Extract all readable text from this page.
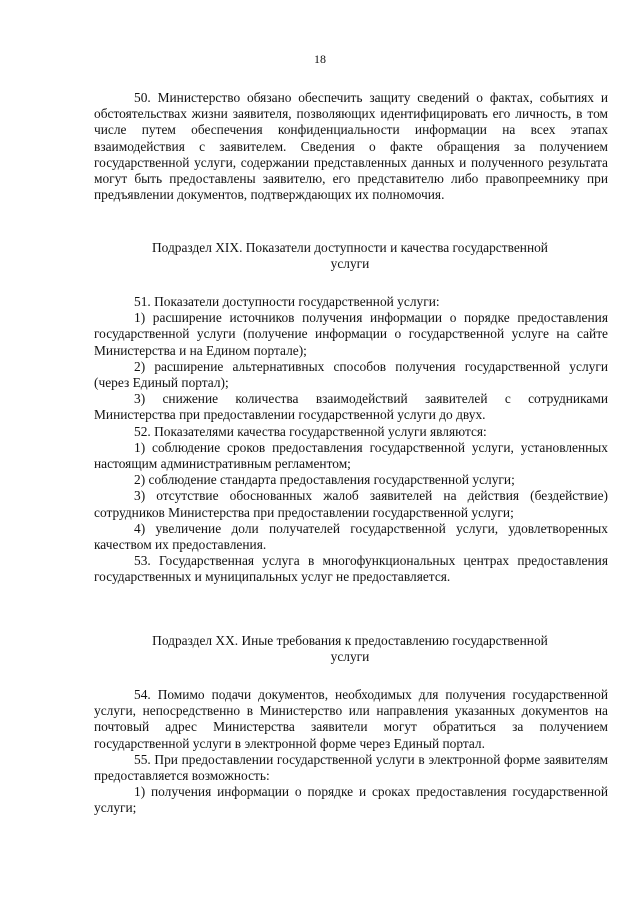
18

50. Министерство обязано обеспечить защиту сведений о фактах, событиях и обстоятельствах жизни заявителя, позволяющих идентифицировать его личность, в том числе путем обеспечения конфиденциальности информации на всех этапах взаимодействия с заявителем. Сведения о факте обращения за получением государственной услуги, содержании представленных данных и полученного результата могут быть предоставлены заявителю, его представителю либо правопреемнику при предъявлении документов, подтверждающих их полномочия.

Подраздел XIX. Показатели доступности и качества государственной
услуги

51. Показатели доступности государственной услуги:

1) расширение источников получения информации о порядке предоставления государственной услуги (получение информации о государственной услуге на сайте Министерства и на Едином портале);

2) расширение альтернативных способов получения государственной услуги (через Единый портал);

3) снижение количества взаимодействий заявителей с сотрудниками Министерства при предоставлении государственной услуги до двух.

52. Показателями качества государственной услуги являются:

1) соблюдение сроков предоставления государственной услуги, установленных настоящим административным регламентом;

2) соблюдение стандарта предоставления государственной услуги;

3) отсутствие обоснованных жалоб заявителей на действия (бездействие) сотрудников Министерства при предоставлении государственной услуги;

4) увеличение доли получателей государственной услуги, удовлетворенных качеством их предоставления.

53. Государственная услуга в многофункциональных центрах предоставления государственных и муниципальных услуг не предоставляется.

Подраздел XX. Иные требования к предоставлению государственной
услуги

54. Помимо подачи документов, необходимых для получения государственной услуги, непосредственно в Министерство или направления указанных документов на почтовый адрес Министерства заявители могут обратиться за получением государственной услуги в электронной форме через Единый портал.

55. При предоставлении государственной услуги в электронной форме заявителям предоставляется возможность:

1) получения информации о порядке и сроках предоставления государственной услуги;
